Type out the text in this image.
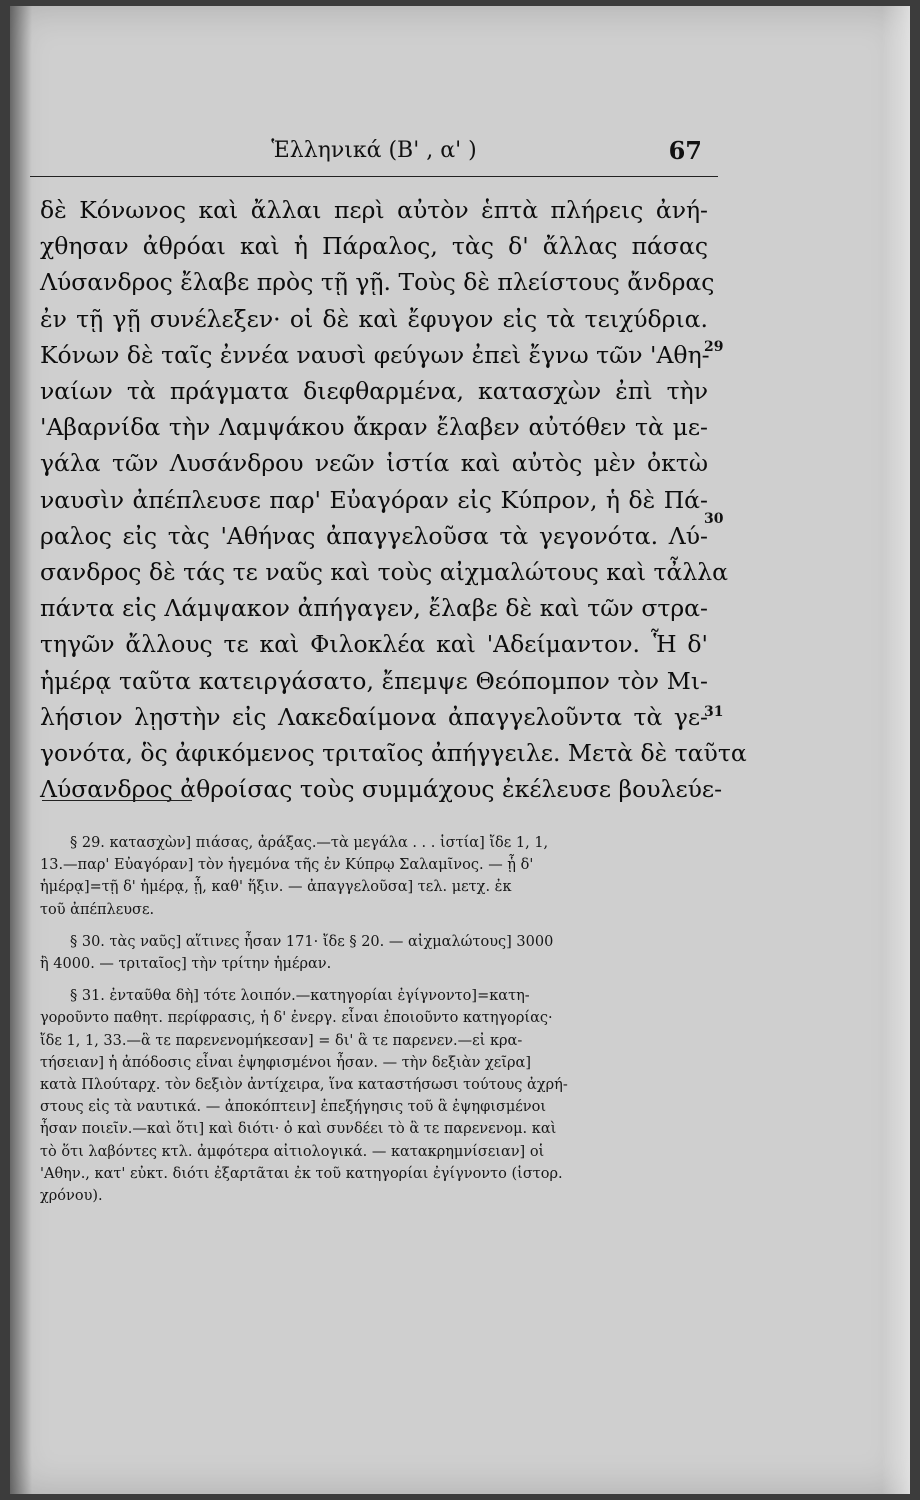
Ἑλληνικά (Β' , α' )	67
δὲ Κόνωνος καὶ ἄλλαι περὶ αὐτὸν ἑπτὰ πλήρεις ἀνή-
χθησαν ἀθρόαι καὶ ἡ Πάραλος, τὰς δ' ἄλλας πάσας
Λύσανδρος ἔλαβε πρὸς τῇ γῇ. Τοὺς δὲ πλείστους ἄνδρας
ἐν τῇ γῇ συνέλεξεν· οἱ δὲ καὶ ἔφυγον εἰς τὰ τειχύδρια.
Κόνων δὲ ταῖς ἐννέα ναυσὶ φεύγων ἐπεὶ ἔγνω τῶν 'Αθη-
ναίων τὰ πράγματα διεφθαρμένα, κατασχὼν ἐπὶ τὴν
'Αβαρνίδα τὴν Λαμψάκου ἄκραν ἔλαβεν αὐτόθεν τὰ με-
γάλα τῶν Λυσάνδρου νεῶν ἱστία καὶ αὐτὸς μὲν ὀκτὼ
ναυσὶν ἀπέπλευσε παρ' Εὐαγόραν εἰς Κύπρον, ἡ δὲ Πά-
ραλος εἰς τὰς 'Αθήνας ἀπαγγελοῦσα τὰ γεγονότα. Λύ-
σανδρος δὲ τάς τε ναῦς καὶ τοὺς αἰχμαλώτους καὶ τἆλλα
πάντα εἰς Λάμψακον ἀπήγαγεν, ἔλαβε δὲ καὶ τῶν στρα-
τηγῶν ἄλλους τε καὶ Φιλοκλέα καὶ 'Αδείμαντον. Ἧ δ'
ἡμέρᾳ ταῦτα κατειργάσατο, ἔπεμψε Θεόπομπον τὸν Μι-
λήσιον λῃστὴν εἰς Λακεδαίμονα ἀπαγγελοῦντα τὰ γε-
γονότα, ὃς ἀφικόμενος τριταῖος ἀπήγγειλε. Μετὰ δὲ ταῦτα
Λύσανδρος ἀθροίσας τοὺς συμμάχους ἐκέλευσε βουλεύε-
29
30
31
§ 29. κατασχὼν] πιάσας, ἀράξας.—τὰ μεγάλα . . . ἱστία] ἴδε 1, 1,
13.—παρ' Εὐαγόραν] τὸν ἡγεμόνα τῆς ἐν Κύπρῳ Σαλαμῖνος. — ᾗ δ'
ἡμέρᾳ]=τῇ δ' ἡμέρᾳ, ᾗ, καθ' ἥξιν. — ἀπαγγελοῦσα] τελ. μετχ. ἐκ
τοῦ ἀπέπλευσε.
§ 30. τὰς ναῦς] αἵτινες ἦσαν 171· ἴδε § 20. — αἰχμαλώτους] 3000
ἢ 4000. — τριταῖος] τὴν τρίτην ἡμέραν.
§ 31. ἐνταῦθα δὴ] τότε λοιπόν.—κατηγορίαι ἐγίγνοντο]=κατη-
γοροῦντο παθητ. περίφρασις, ἡ δ' ἐνεργ. εἶναι ἐποιοῦντο κατηγορίας·
ἴδε 1, 1, 33.—ἃ τε παρενενομήκεσαν] = δι' ἃ τε παρενεν.—εἰ κρα-
τήσειαν] ἡ ἀπόδοσις εἶναι ἐψηφισμένοι ἦσαν. — τὴν δεξιὰν χεῖρα]
κατὰ Πλούταρχ. τὸν δεξιὸν ἀντίχειρα, ἵνα καταστήσωσι τούτους ἀχρή-
στους εἰς τὰ ναυτικά. — ἀποκόπτειν] ἐπεξήγησις τοῦ ἃ ἐψηφισμένοι
ἦσαν ποιεῖν.—καὶ ὅτι] καὶ διότι· ὁ καὶ συνδέει τὸ ἃ τε παρενενομ. καὶ
τὸ ὅτι λαβόντες κτλ. ἀμφότερα αἰτιολογικά. — κατακρημνίσειαν] οἱ
'Αθην., κατ' εὐκτ. διότι ἐξαρτᾶται ἐκ τοῦ κατηγορίαι ἐγίγνοντο (ἱστορ.
χρόνου).
